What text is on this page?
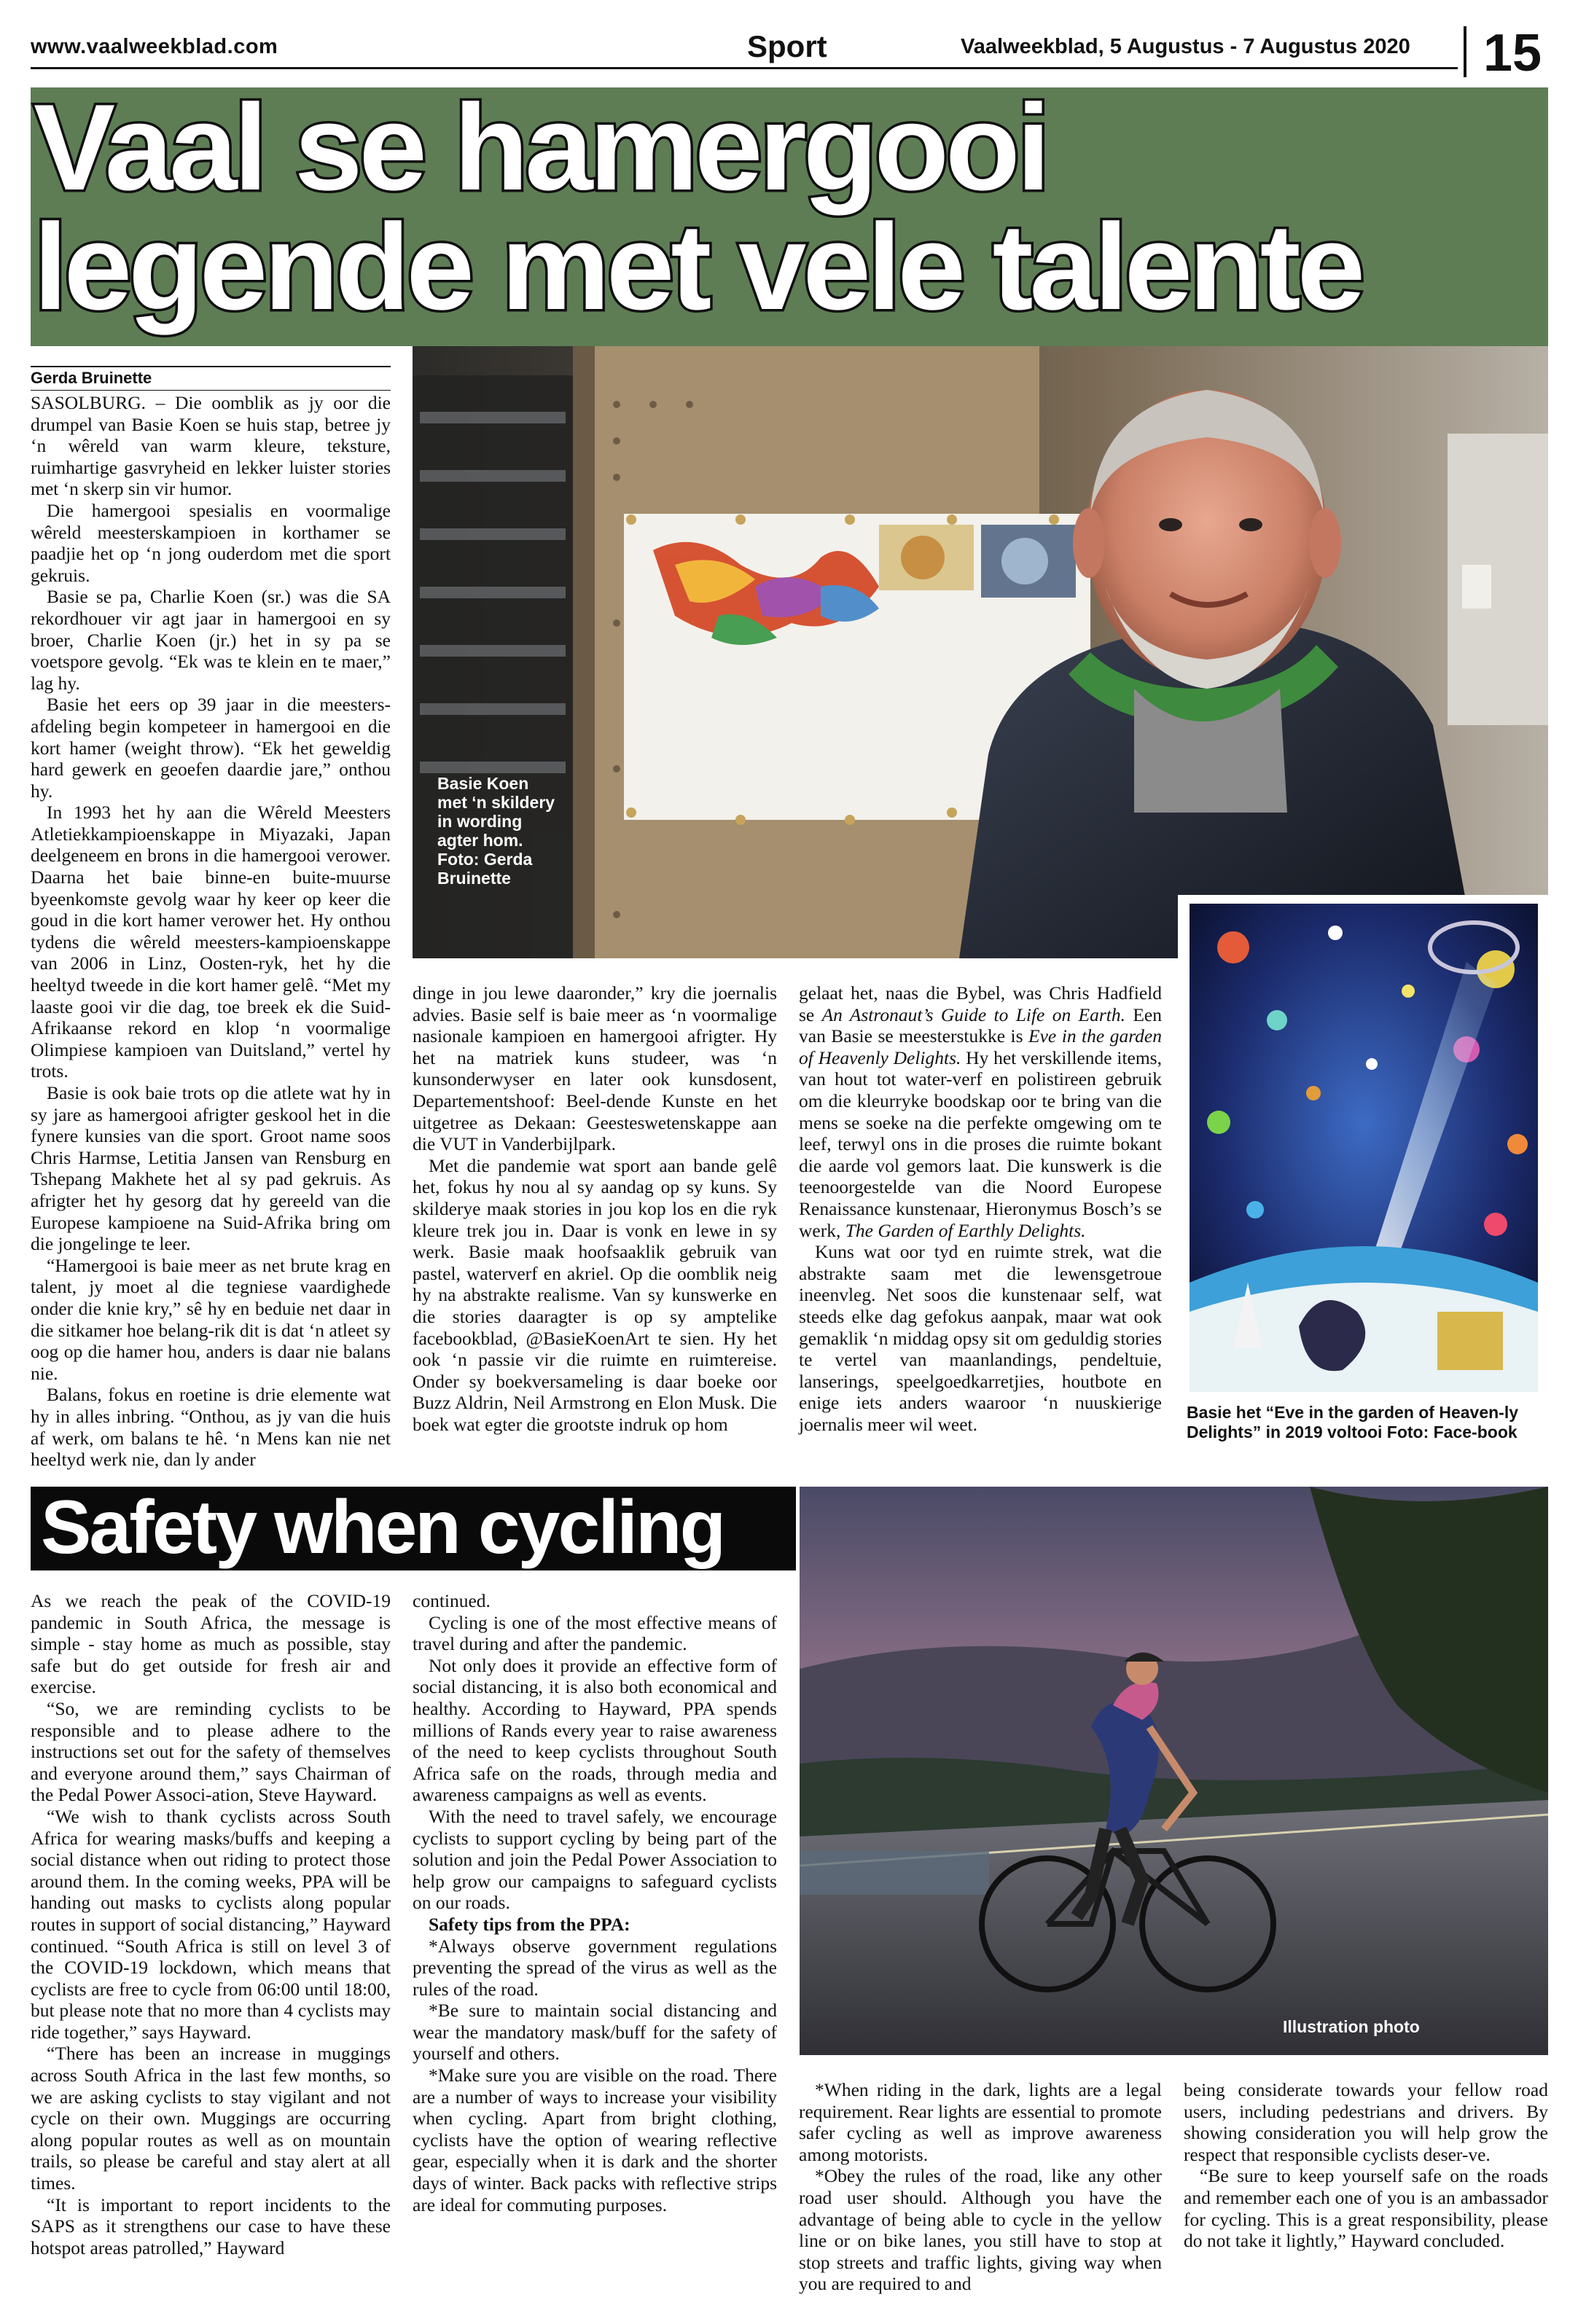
www.vaalweekblad.com	Sport	Vaalweekblad, 5 Augustus - 7 Augustus 2020 15
Vaal se hamergooi
legende met vele talente
Gerda Bruinette

SASOLBURG. – Die oomblik as jy oor die drumpel van Basie Koen se huis stap, betree jy ‘n wêreld van warm kleure, teksture, ruimhartige gasvryheid en lekker luister stories met ‘n skerp sin vir humor.

Die hamergooi spesialis en voormalige wêreld meesterskampioen in korthamer se paadjie het op ‘n jong ouderdom met die sport gekruis.

Basie se pa, Charlie Koen (sr.) was die SA rekordhouer vir agt jaar in hamergooi en sy broer, Charlie Koen (jr.) het in sy pa se voetspore gevolg. “Ek was te klein en te maer,” lag hy.

Basie het eers op 39 jaar in die meesters-afdeling begin kompeteer in hamergooi en die kort hamer (weight throw). “Ek het geweldig hard gewerk en geoefen daardie jare,” onthou hy.

In 1993 het hy aan die Wêreld Meesters Atletiekkampioenskappe in Miyazaki, Japan deelgeneem en brons in die hamergooi verower. Daarna het baie binne-en buite-muurse byeenkomste gevolg waar hy keer op keer die goud in die kort hamer verower het. Hy onthou tydens die wêreld meesters-kampioenskappe van 2006 in Linz, Oosten-ryk, het hy die heeltyd tweede in die kort hamer gelê. “Met my laaste gooi vir die dag, toe breek ek die Suid-Afrikaanse rekord en klop ‘n voormalige Olimpiese kampioen van Duitsland,” vertel hy trots.

Basie is ook baie trots op die atlete wat hy in sy jare as hamergooi afrigter geskool het in die fynere kunsies van die sport. Groot name soos Chris Harmse, Letitia Jansen van Rensburg en Tshepang Makhete het al sy pad gekruis. As afrigter het hy gesorg dat hy gereeld van die Europese kampioene na Suid-Afrika bring om die jongelinge te leer.

“Hamergooi is baie meer as net brute krag en talent, jy moet al die tegniese vaardighede onder die knie kry,” sê hy en beduie net daar in die sitkamer hoe belang-rik dit is dat ‘n atleet sy oog op die hamer hou, anders is daar nie balans nie.

Balans, fokus en roetine is drie elemente wat hy in alles inbring. “Onthou, as jy van die huis af werk, om balans te hê. ‘n Mens kan nie net heeltyd werk nie, dan ly ander

Basie Koen met ‘n skildery in wording agter hom. Foto: Gerda Bruinette

dinge in jou lewe daaronder,” kry die joernalis advies. Basie self is baie meer as ‘n voormalige nasionale kampioen en hamergooi afrigter. Hy het na matriek kuns studeer, was ‘n kunsonderwyser en later ook kunsdosent, Departementshoof: Beel-dende Kunste en het uitgetree as Dekaan: Geesteswetenskappe aan die VUT in Vanderbijlpark.

Met die pandemie wat sport aan bande gelê het, fokus hy nou al sy aandag op sy kuns. Sy skilderye maak stories in jou kop los en die ryk kleure trek jou in. Daar is vonk en lewe in sy werk. Basie maak hoofsaaklik gebruik van pastel, waterverf en akriel. Op die oomblik neig hy na abstrakte realisme. Van sy kunswerke en die stories daaragter is op sy amptelike facebookblad, @BasieKoenArt te sien. Hy het ook ‘n passie vir die ruimte en ruimtereise. Onder sy boekversameling is daar boeke oor Buzz Aldrin, Neil Armstrong en Elon Musk. Die boek wat egter die grootste indruk op hom

gelaat het, naas die Bybel, was Chris Hadfield se An Astronaut’s Guide to Life on Earth. Een van Basie se meesterstukke is Eve in the garden of Heavenly Delights. Hy het verskillende items, van hout tot water-verf en polistireen gebruik om die kleurryke boodskap oor te bring van die mens se soeke na die perfekte omgewing om te leef, terwyl ons in die proses die ruimte bokant die aarde vol gemors laat. Die kunswerk is die teenoorgestelde van die Noord Europese Renaissance kunstenaar, Hieronymus Bosch’s se werk, The Garden of Earthly Delights.

Kuns wat oor tyd en ruimte strek, wat die abstrakte saam met die lewensgetroue ineenvleg. Net soos die kunstenaar self, wat steeds elke dag gefokus aanpak, maar wat ook gemaklik ‘n middag opsy sit om geduldig stories te vertel van maanlandings, pendeltuie, lanserings, speelgoedkarretjies, houtbote en enige iets anders waaroor ‘n nuuskierige joernalis meer wil weet.

Basie het “Eve in the garden of Heaven-ly Delights” in 2019 voltooi Foto: Face-book
Safety when cycling
Illustration photo

As we reach the peak of the COVID-19 pandemic in South Africa, the message is simple - stay home as much as possible, stay safe but do get outside for fresh air and exercise.

“So, we are reminding cyclists to be responsible and to please adhere to the instructions set out for the safety of themselves and everyone around them,” says Chairman of the Pedal Power Associ-ation, Steve Hayward.

“We wish to thank cyclists across South Africa for wearing masks/buffs and keeping a social distance when out riding to protect those around them. In the coming weeks, PPA will be handing out masks to cyclists along popular routes in support of social distancing,” Hayward continued. “South Africa is still on level 3 of the COVID-19 lockdown, which means that cyclists are free to cycle from 06:00 until 18:00, but please note that no more than 4 cyclists may ride together,” says Hayward.

“There has been an increase in muggings across South Africa in the last few months, so we are asking cyclists to stay vigilant and not cycle on their own. Muggings are occurring along popular routes as well as on mountain trails, so please be careful and stay alert at all times.

“It is important to report incidents to the SAPS as it strengthens our case to have these hotspot areas patrolled,” Hayward

continued.

Cycling is one of the most effective means of travel during and after the pandemic.

Not only does it provide an effective form of social distancing, it is also both economical and healthy. According to Hayward, PPA spends millions of Rands every year to raise awareness of the need to keep cyclists throughout South Africa safe on the roads, through media and awareness campaigns as well as events.

With the need to travel safely, we encourage cyclists to support cycling by being part of the solution and join the Pedal Power Association to help grow our campaigns to safeguard cyclists on our roads.

Safety tips from the PPA:

*Always observe government regulations preventing the spread of the virus as well as the rules of the road.

*Be sure to maintain social distancing and wear the mandatory mask/buff for the safety of yourself and others.

*Make sure you are visible on the road. There are a number of ways to increase your visibility when cycling. Apart from bright clothing, cyclists have the option of wearing reflective gear, especially when it is dark and the shorter days of winter. Back packs with reflective strips are ideal for commuting purposes.

*When riding in the dark, lights are a legal requirement. Rear lights are essential to promote safer cycling as well as improve awareness among motorists.

*Obey the rules of the road, like any other road user should. Although you have the advantage of being able to cycle in the yellow line or on bike lanes, you still have to stop at stop streets and traffic lights, giving way when you are required to and

being considerate towards your fellow road users, including pedestrians and drivers. By showing consideration you will help grow the respect that responsible cyclists deser-ve.

“Be sure to keep yourself safe on the roads and remember each one of you is an ambassador for cycling. This is a great responsibility, please do not take it lightly,” Hayward concluded.
